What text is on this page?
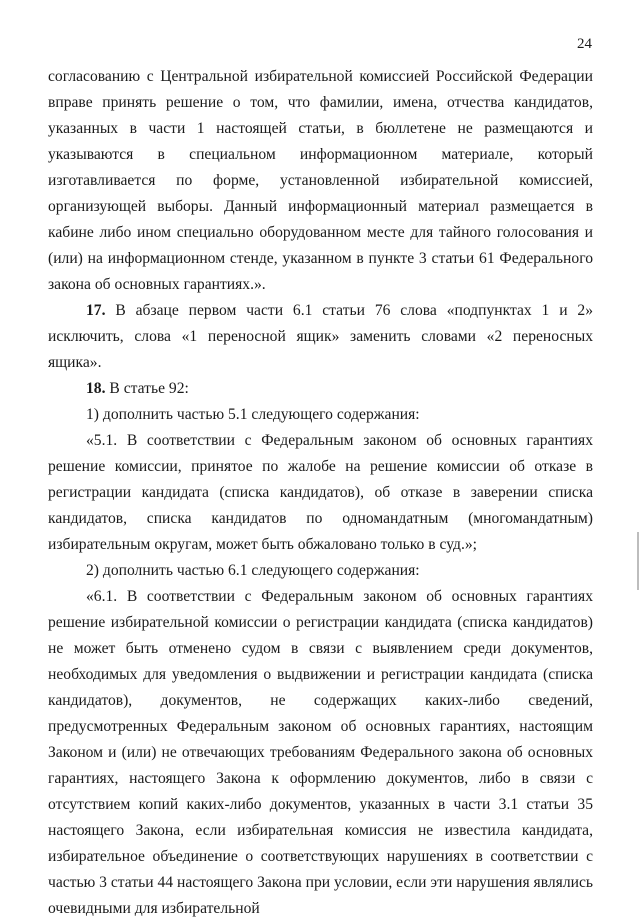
24

согласованию с Центральной избирательной комиссией Российской Федерации вправе принять решение о том, что фамилии, имена, отчества кандидатов, указанных в части 1 настоящей статьи, в бюллетене не размещаются и указываются в специальном информационном материале, который изготавливается по форме, установленной избирательной комиссией, организующей выборы. Данный информационный материал размещается в кабине либо ином специально оборудованном месте для тайного голосования и (или) на информационном стенде, указанном в пункте 3 статьи 61 Федерального закона об основных гарантиях.».

17. В абзаце первом части 6.1 статьи 76 слова «подпунктах 1 и 2» исключить, слова «1 переносной ящик» заменить словами «2 переносных ящика».

18. В статье 92:

1) дополнить частью 5.1 следующего содержания:

«5.1. В соответствии с Федеральным законом об основных гарантиях решение комиссии, принятое по жалобе на решение комиссии об отказе в регистрации кандидата (списка кандидатов), об отказе в заверении списка кандидатов, списка кандидатов по одномандатным (многомандатным) избирательным округам, может быть обжаловано только в суд.»;

2) дополнить частью 6.1 следующего содержания:

«6.1. В соответствии с Федеральным законом об основных гарантиях решение избирательной комиссии о регистрации кандидата (списка кандидатов) не может быть отменено судом в связи с выявлением среди документов, необходимых для уведомления о выдвижении и регистрации кандидата (списка кандидатов), документов, не содержащих каких-либо сведений, предусмотренных Федеральным законом об основных гарантиях, настоящим Законом и (или) не отвечающих требованиям Федерального закона об основных гарантиях, настоящего Закона к оформлению документов, либо в связи с отсутствием копий каких-либо документов, указанных в части 3.1 статьи 35 настоящего Закона, если избирательная комиссия не известила кандидата, избирательное объединение о соответствующих нарушениях в соответствии с частью 3 статьи 44 настоящего Закона при условии, если эти нарушения являлись очевидными для избирательной
